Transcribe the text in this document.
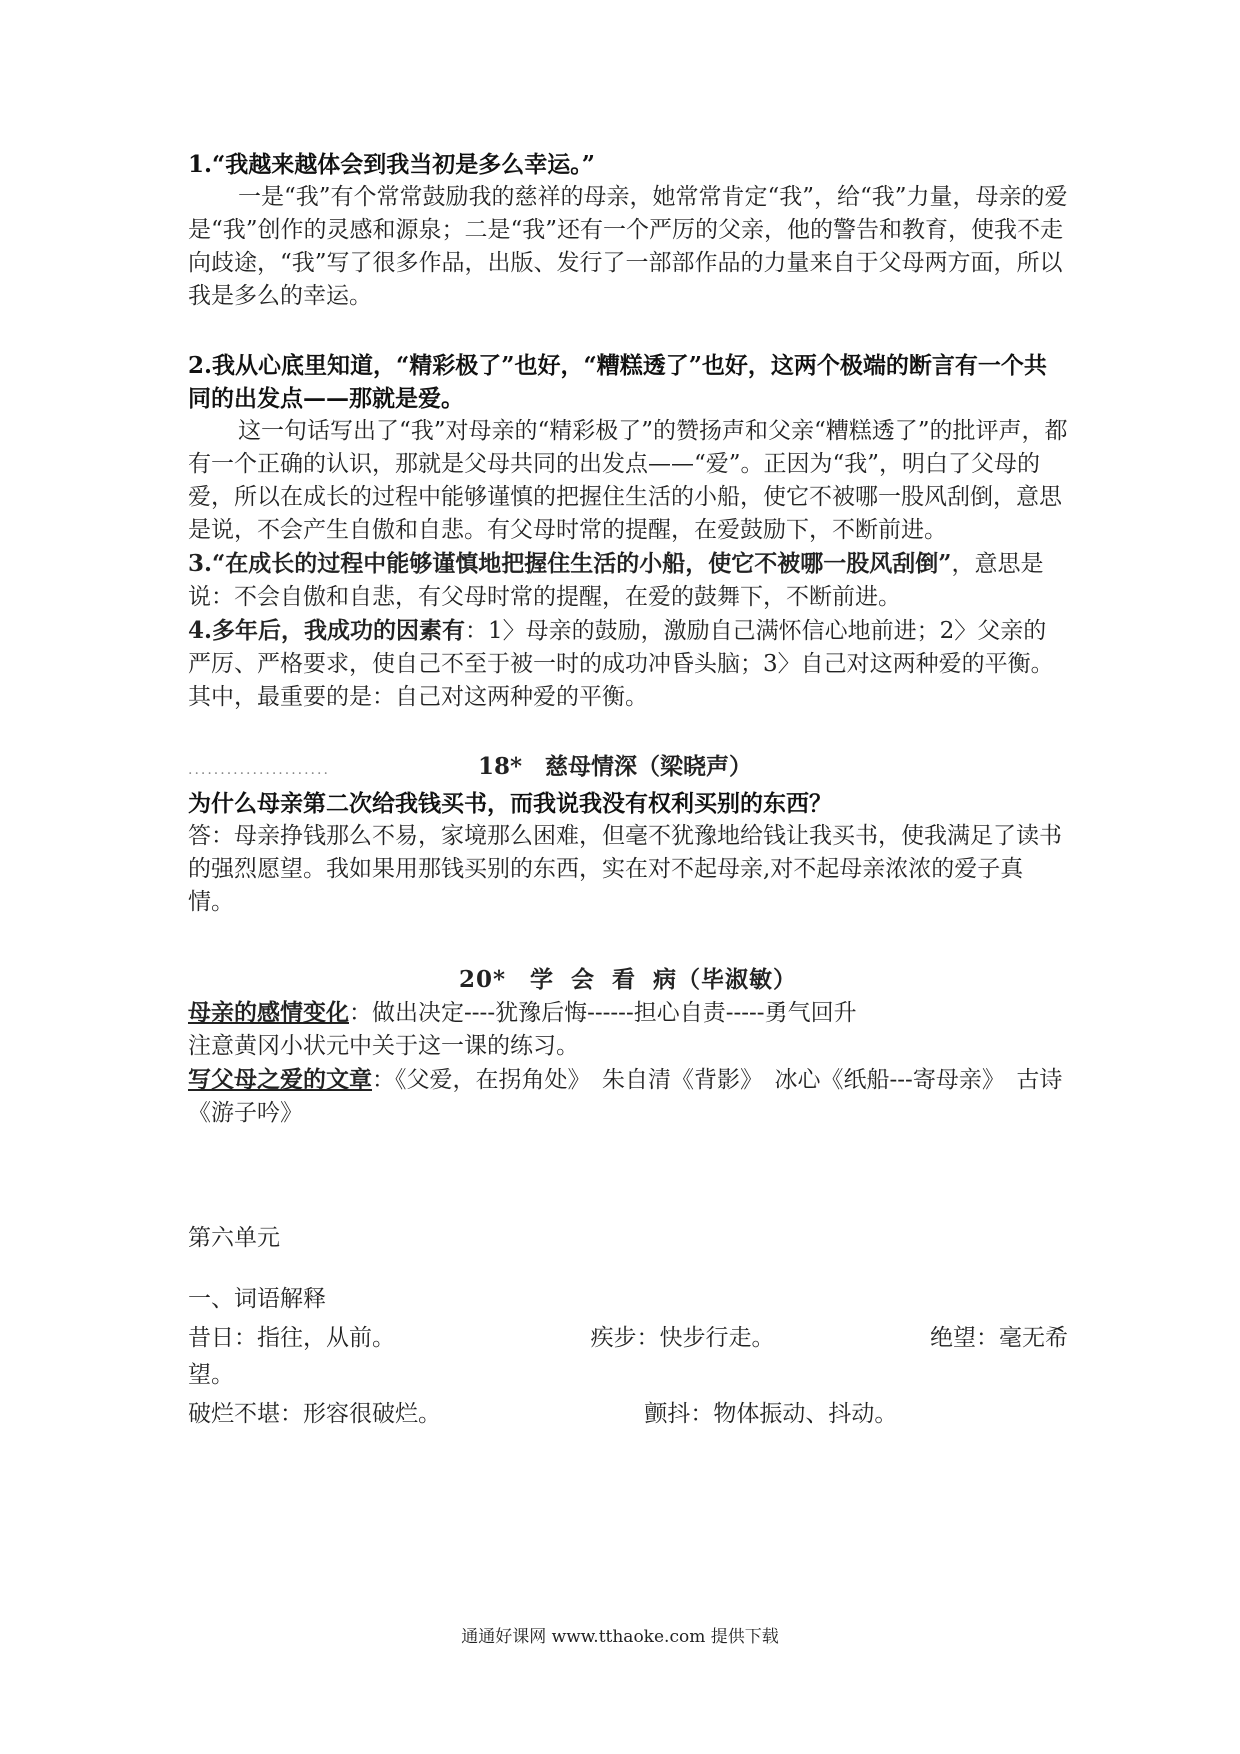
1.“我越来越体会到我当初是多么幸运。”

一是“我”有个常常鼓励我的慈祥的母亲，她常常肯定“我”，给“我”力量，母亲的爱是“我”创作的灵感和源泉；二是“我”还有一个严厉的父亲，他的警告和教育，使我不走向歧途，“我”写了很多作品，出版、发行了一部部作品的力量来自于父母两方面，所以我是多么的幸运。

2.我从心底里知道，“精彩极了”也好，“糟糕透了”也好，这两个极端的断言有一个共同的出发点——那就是爱。

这一句话写出了“我”对母亲的“精彩极了”的赞扬声和父亲“糟糕透了”的批评声，都有一个正确的认识，那就是父母共同的出发点——“爱”。正因为“我”，明白了父母的爱，所以在成长的过程中能够谨慎的把握住生活的小船，使它不被哪一股风刮倒，意思是说，不会产生自傲和自悲。有父母时常的提醒，在爱鼓励下，不断前进。

3.“在成长的过程中能够谨慎地把握住生活的小船，使它不被哪一股风刮倒”，意思是说：不会自傲和自悲，有父母时常的提醒，在爱的鼓舞下，不断前进。

4.多年后，我成功的因素有：1〉母亲的鼓励，激励自己满怀信心地前进；2〉父亲的严厉、严格要求，使自己不至于被一时的成功冲昏头脑；3〉自己对这两种爱的平衡。其中，最重要的是：自己对这两种爱的平衡。

......................	18*　慈母情深（梁晓声）

为什么母亲第二次给我钱买书，而我说我没有权利买别的东西？

答：母亲挣钱那么不易，家境那么困难，但毫不犹豫地给钱让我买书，使我满足了读书的强烈愿望。我如果用那钱买别的东西，实在对不起母亲,对不起母亲浓浓的爱子真情。

20*　学 会 看 病（毕淑敏）

母亲的感情变化：做出决定----犹豫后悔------担心自责-----勇气回升

注意黄冈小状元中关于这一课的练习。

写父母之爱的文章：《父爱，在拐角处》　朱自清《背影》　冰心《纸船---寄母亲》　古诗《游子吟》

第六单元

一、词语解释

昔日：指往，从前。	疾步：快步行走。	绝望：毫无希

望。

破烂不堪：形容很破烂。	颤抖：物体振动、抖动。

通通好课网 www.tthaoke.com 提供下载
